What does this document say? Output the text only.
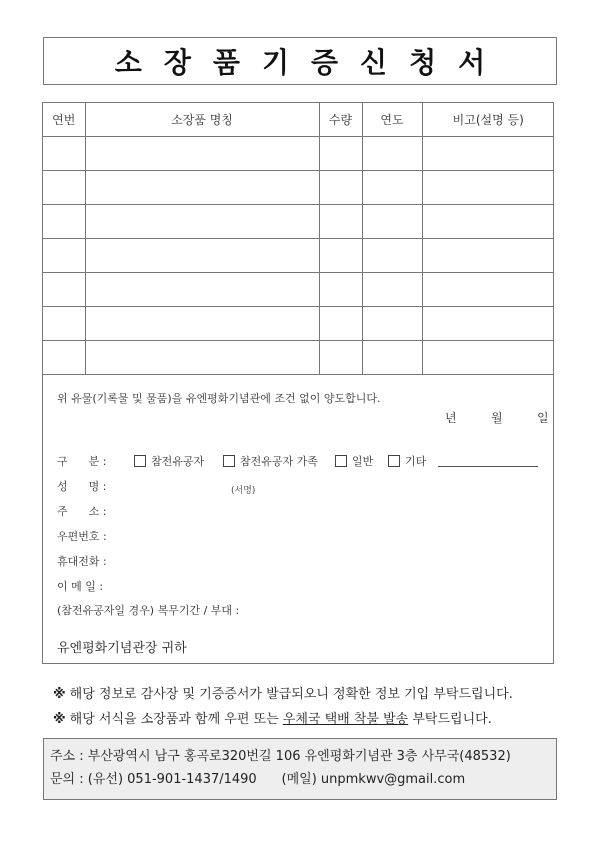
소장품기증신청서
연번	소장품 명칭	수량	연도	비고(설명 등)

위 유물(기록물 및 물품)을 유엔평화기념관에 조건 없이 양도합니다.
년	월	일
구      분 :	참전유공자	참전유공자 가족	일반	기타
성      명 :	(서명)
주      소 :
우편번호 :
휴대전화 :
이 메 일 :
(참전유공자일 경우) 복무기간 / 부대 :
유엔평화기념관장 귀하
※ 해당 정보로 감사장 및 기증증서가 발급되오니 정확한 정보 기입 부탁드립니다.
※ 해당 서식을 소장품과 함께 우편 또는 우체국 택배 착불 발송 부탁드립니다.
주소 : 부산광역시 남구 홍곡로320번길 106 유엔평화기념관 3층 사무국(48532)
문의 : (유선) 051-901-1437/1490      (메일) unpmkwv@gmail.com
